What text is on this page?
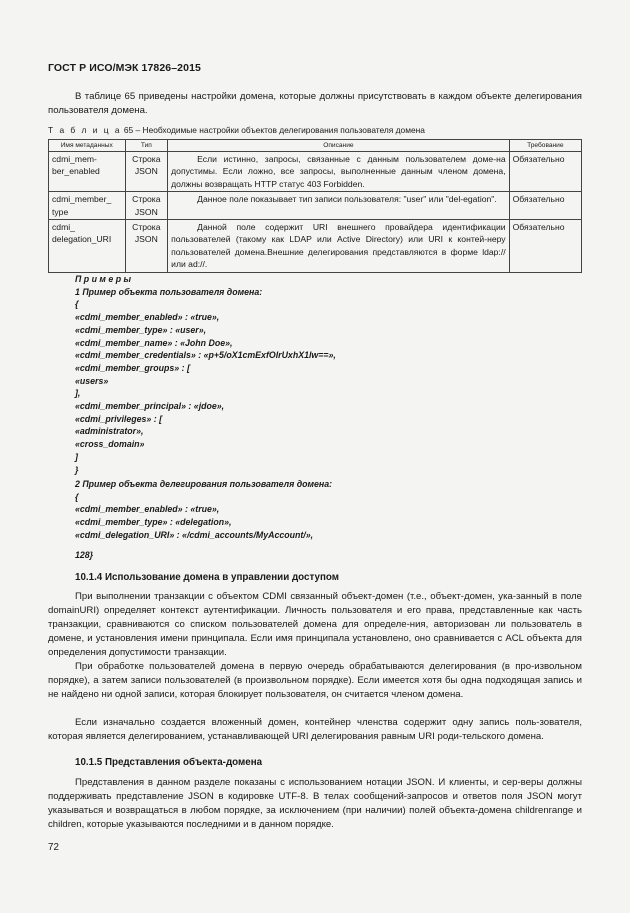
ГОСТ Р ИСО/МЭК 17826–2015
В таблице 65 приведены настройки домена, которые должны присутствовать в каждом объекте делегирования пользователя домена.
Т а б л и ц а 65 – Необходимые настройки объектов делегирования пользователя домена
Имя метаданных	Тип	Описание	Требование
cdmi_mem-ber_enabled	Строка JSON	Если истинно, запросы, связанные с данным пользователем доме-на допустимы. Если ложно, все запросы, выполненные данным членом домена, должны возвращать HTTP статус 403 Forbidden.	Обязательно
cdmi_member_ type	Строка JSON	Данное поле показывает тип записи пользователя: "user" или "del-egation".	Обязательно
cdmi_ delegation_URI	Строка JSON	Данной поле содержит URI внешнего провайдера идентификации пользователей (такому как LDAP или Active Directory) или URI к контей-неру пользователей домена.Внешние делегирования представляются в форме ldap:// или ad://.	Обязательно
П р и м е р ы
1 Пример объекта пользователя домена:
{
«cdmi_member_enabled» : «true»,
«cdmi_member_type» : «user»,
«cdmi_member_name» : «John Doe»,
«cdmi_member_credentials» : «p+5/oX1cmExfOlrUxhX1lw==»,
«cdmi_member_groups» : [
«users»
],
«cdmi_member_principal» : «jdoe»,
«cdmi_privileges» : [
«administrator»,
«cross_domain»
]
}
2 Пример объекта делегирования пользователя домена:
{
«cdmi_member_enabled» : «true»,
«cdmi_member_type» : «delegation»,
«cdmi_delegation_URI» : «/cdmi_accounts/MyAccount/»,
128}
10.1.4 Использование домена в управлении доступом
При выполнении транзакции с объектом CDMI связанный объект-домен (т.е., объект-домен, ука-занный в поле domainURI) определяет контекст аутентификации. Личность пользователя и его права, представленные как часть транзакции, сравниваются со списком пользователей домена для определе-ния, авторизован ли пользователь в домене, и установления имени принципала. Если имя принципала установлено, оно сравнивается с ACL объекта для определения допустимости транзакции.
При обработке пользователей домена в первую очередь обрабатываются делегирования (в про-извольном порядке), а затем записи пользователей (в произвольном порядке). Если имеется хотя бы одна подходящая запись и не найдено ни одной записи, которая блокирует пользователя, он считается членом домена.
Если изначально создается вложенный домен, контейнер членства содержит одну запись поль-зователя, которая является делегированием, устанавливающей URI делегирования равным URI роди-тельского домена.
10.1.5 Представления объекта-домена
Представления в данном разделе показаны с использованием нотации JSON. И клиенты, и сер-веры должны поддерживать представление JSON в кодировке UTF-8. В телах сообщений-запросов и ответов поля JSON могут указываться и возвращаться в любом порядке, за исключением (при наличии) полей объекта-домена childrenrange и children, которые указываются последними и в данном порядке.
72
